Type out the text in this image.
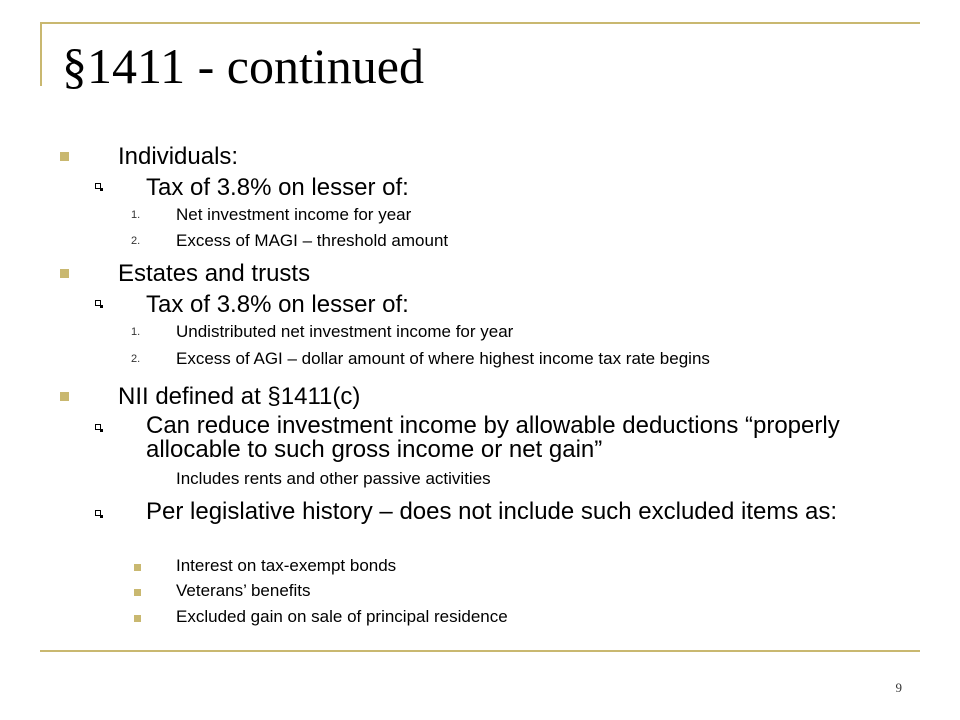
§1411 - continued
Individuals:
Tax of 3.8% on lesser of:
1. Net investment income for year
2. Excess of MAGI – threshold amount
Estates and trusts
Tax of 3.8% on lesser of:
1. Undistributed net investment income for year
2. Excess of AGI – dollar amount of where highest income tax rate begins
NII defined at §1411(c)
Can reduce investment income by allowable deductions “properly allocable to such gross income or net gain”
Includes rents and other passive activities
Per legislative history – does not include such excluded items as:
Interest on tax-exempt bonds
Veterans’ benefits
Excluded gain on sale of principal residence
9
